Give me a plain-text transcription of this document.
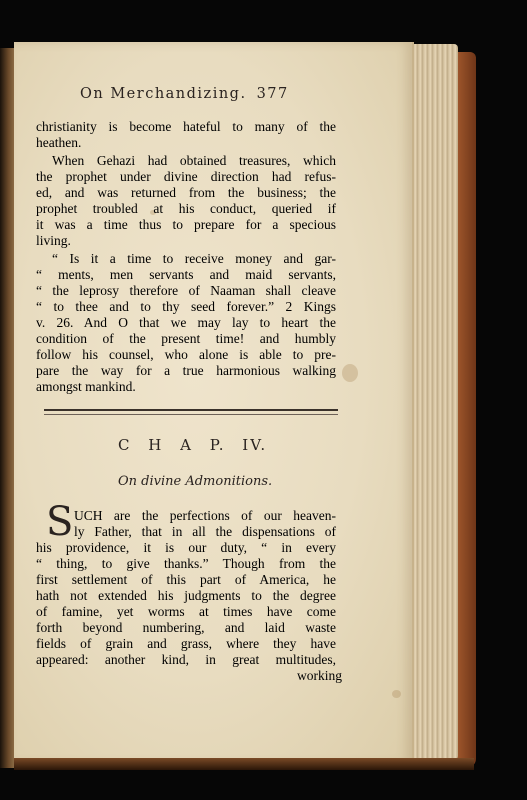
On Merchandizing. 377
christianity is become hateful to many of the
heathen.
When Gehazi had obtained treasures, which
the prophet under divine direction had refus-
ed, and was returned from the business; the
prophet troubled at his conduct, queried if
it was a time thus to prepare for a specious
living.
“ Is it a time to receive money and gar-
“ ments, men servants and maid servants,
“ the leprosy therefore of Naaman shall cleave
“ to thee and to thy seed forever.” 2 Kings
v. 26. And O that we may lay to heart the
condition of the present time! and humbly
follow his counsel, who alone is able to pre-
pare the way for a true harmonious walking
amongst mankind.
C H A P. IV.
On divine Admonitions.
S UCH are the perfections of our heaven-
ly Father, that in all the dispensations of
his providence, it is our duty, “ in every
“ thing, to give thanks.” Though from the
first settlement of this part of America, he
hath not extended his judgments to the degree
of famine, yet worms at times have come
forth beyond numbering, and laid waste
fields of grain and grass, where they have
appeared: another kind, in great multitudes,
working
